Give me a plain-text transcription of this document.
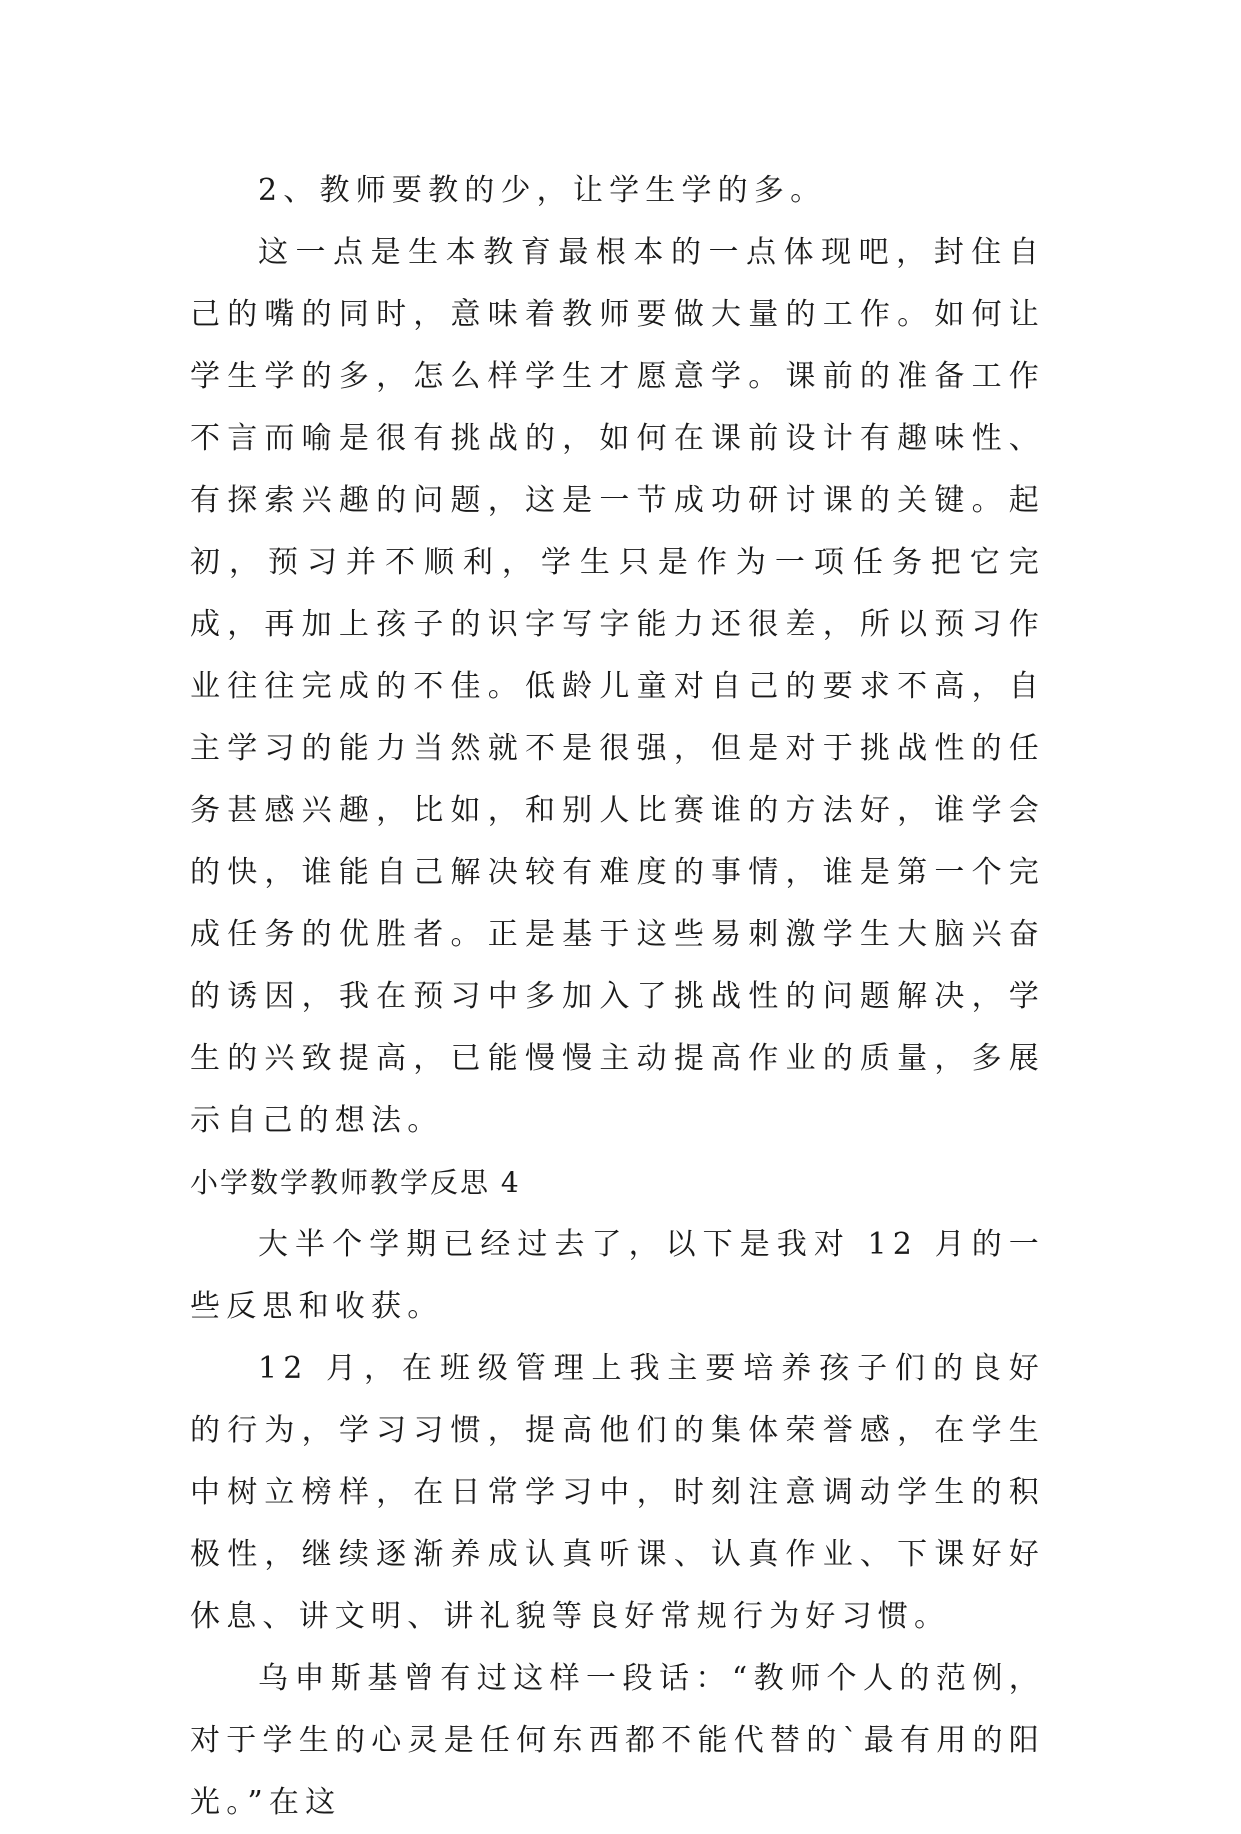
2、教师要教的少，让学生学的多。

这一点是生本教育最根本的一点体现吧，封住自己的嘴的同时，意味着教师要做大量的工作。如何让学生学的多，怎么样学生才愿意学。课前的准备工作不言而喻是很有挑战的，如何在课前设计有趣味性、有探索兴趣的问题，这是一节成功研讨课的关键。起初，预习并不顺利，学生只是作为一项任务把它完成，再加上孩子的识字写字能力还很差，所以预习作业往往完成的不佳。低龄儿童对自己的要求不高，自主学习的能力当然就不是很强，但是对于挑战性的任务甚感兴趣，比如，和别人比赛谁的方法好，谁学会的快，谁能自己解决较有难度的事情，谁是第一个完成任务的优胜者。正是基于这些易刺激学生大脑兴奋的诱因，我在预习中多加入了挑战性的问题解决，学生的兴致提高，已能慢慢主动提高作业的质量，多展示自己的想法。

小学数学教师教学反思 4

大半个学期已经过去了，以下是我对 12 月的一些反思和收获。

12 月，在班级管理上我主要培养孩子们的良好的行为，学习习惯，提高他们的集体荣誉感，在学生中树立榜样，在日常学习中，时刻注意调动学生的积极性，继续逐渐养成认真听课、认真作业、下课好好休息、讲文明、讲礼貌等良好常规行为好习惯。

乌申斯基曾有过这样一段话：“教师个人的范例，对于学生的心灵是任何东西都不能代替的`最有用的阳光。”在这
